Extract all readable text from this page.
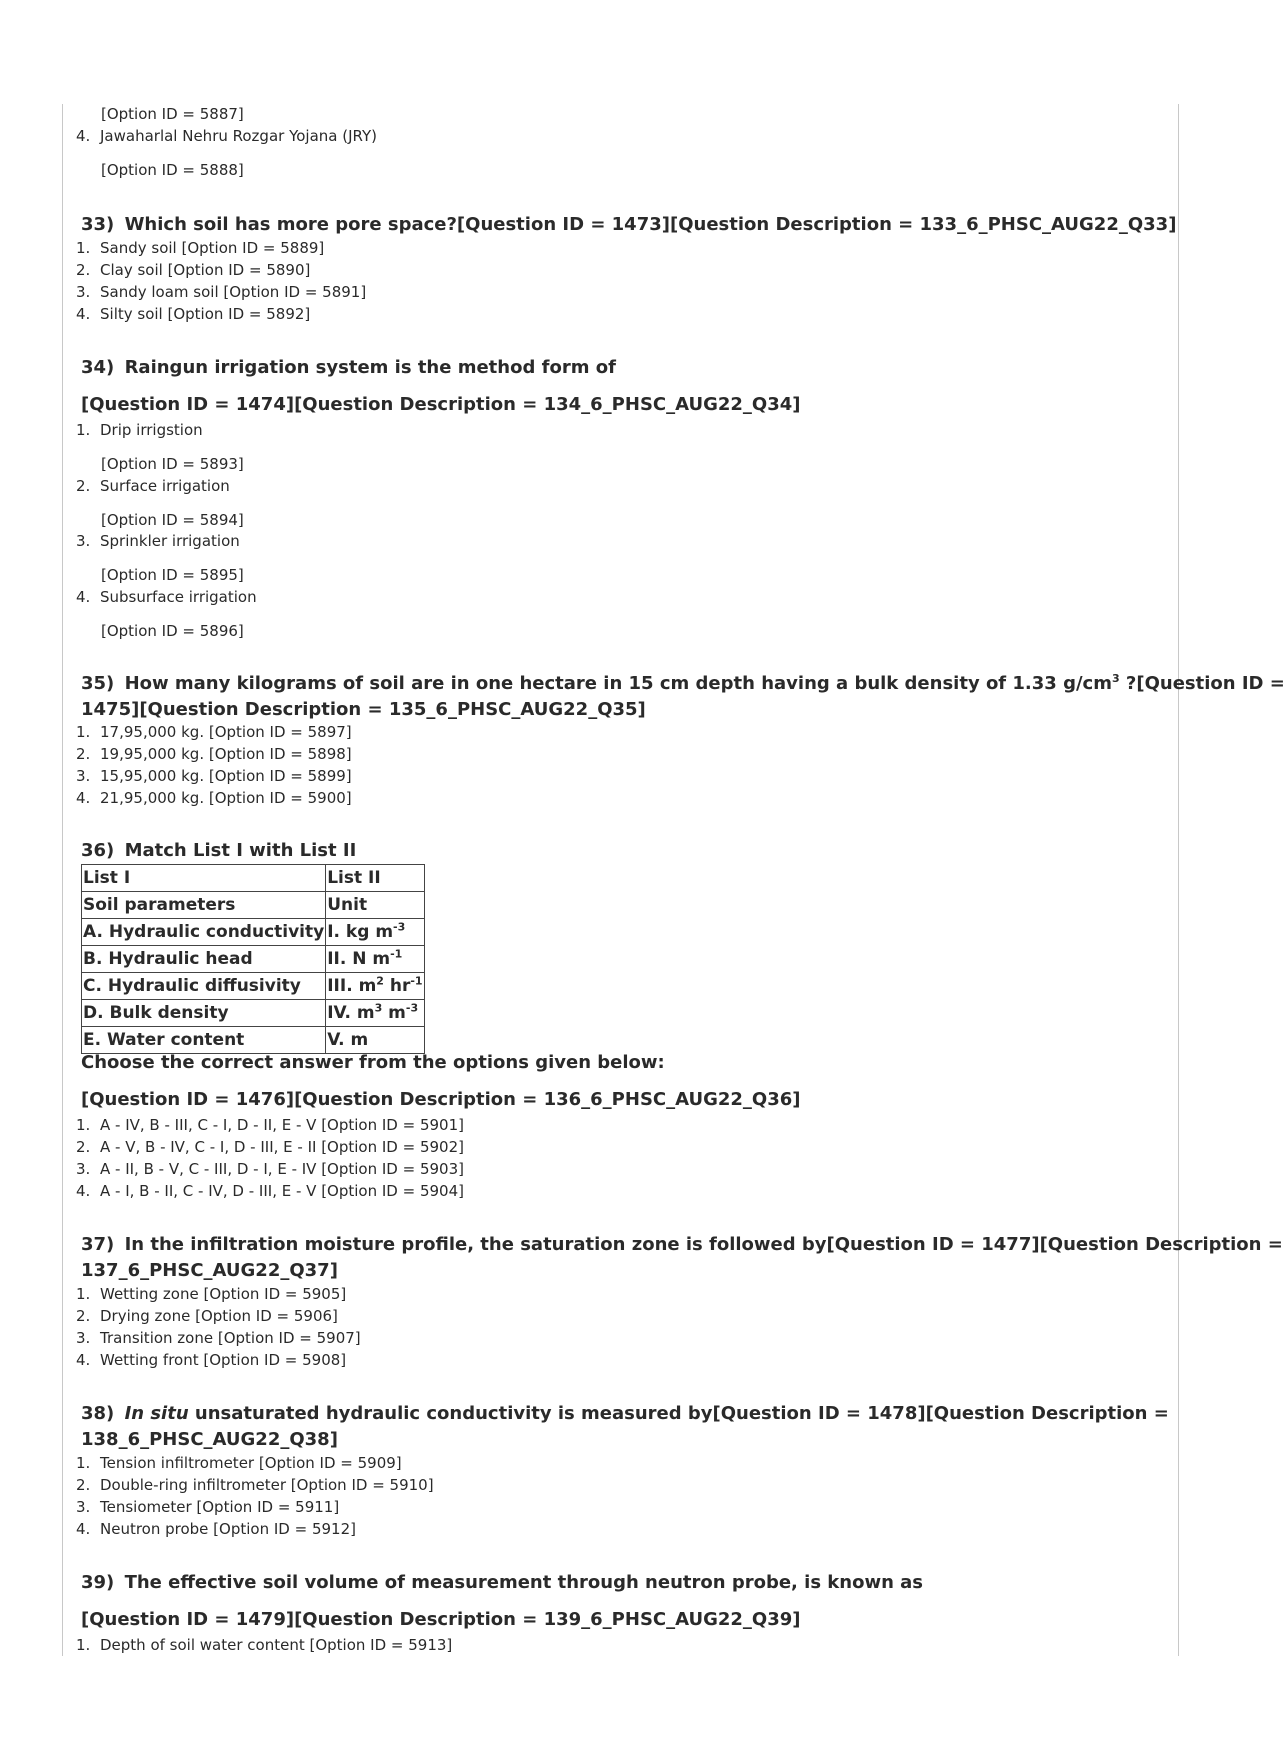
[Option ID = 5887]
4. Jawaharlal Nehru Rozgar Yojana (JRY)
[Option ID = 5888]
33) Which soil has more pore space?[Question ID = 1473][Question Description = 133_6_PHSC_AUG22_Q33]
1. Sandy soil [Option ID = 5889]
2. Clay soil [Option ID = 5890]
3. Sandy loam soil [Option ID = 5891]
4. Silty soil [Option ID = 5892]
34) Raingun irrigation system is the method form of
[Question ID = 1474][Question Description = 134_6_PHSC_AUG22_Q34]
1. Drip irrigstion
[Option ID = 5893]
2. Surface irrigation
[Option ID = 5894]
3. Sprinkler irrigation
[Option ID = 5895]
4. Subsurface irrigation
[Option ID = 5896]
35) How many kilograms of soil are in one hectare in 15 cm depth having a bulk density of 1.33 $g/cm^3$ ?[Question ID =
1475][Question Description = 135_6_PHSC_AUG22_Q35]
1. 17,95,000 kg. [Option ID = 5897]
2. 19,95,000 kg. [Option ID = 5898]
3. 15,95,000 kg. [Option ID = 5899]
4. 21,95,000 kg. [Option ID = 5900]
36) Match List I with List II
List I	List II
Soil parameters	Unit
A. Hydraulic conductivity	I. kg $m^{-3}$
B. Hydraulic head	II. N $m^{-1}$
C. Hydraulic diffusivity	III. $m^2$ $hr^{-1}$
D. Bulk density	IV. $m^3$ $m^{-3}$
E. Water content	V. m
Choose the correct answer from the options given below:
[Question ID = 1476][Question Description = 136_6_PHSC_AUG22_Q36]
1. A - IV, B - III, C - I, D - II, E - V [Option ID = 5901]
2. A - V, B - IV, C - I, D - III, E - II [Option ID = 5902]
3. A - II, B - V, C - III, D - I, E - IV [Option ID = 5903]
4. A - I, B - II, C - IV, D - III, E - V [Option ID = 5904]
37) In the infiltration moisture profile, the saturation zone is followed by[Question ID = 1477][Question Description =
137_6_PHSC_AUG22_Q37]
1. Wetting zone [Option ID = 5905]
2. Drying zone [Option ID = 5906]
3. Transition zone [Option ID = 5907]
4. Wetting front [Option ID = 5908]
38) In situ unsaturated hydraulic conductivity is measured by[Question ID = 1478][Question Description =
138_6_PHSC_AUG22_Q38]
1. Tension infiltrometer [Option ID = 5909]
2. Double-ring infiltrometer [Option ID = 5910]
3. Tensiometer [Option ID = 5911]
4. Neutron probe [Option ID = 5912]
39) The effective soil volume of measurement through neutron probe, is known as
[Question ID = 1479][Question Description = 139_6_PHSC_AUG22_Q39]
1. Depth of soil water content [Option ID = 5913]
